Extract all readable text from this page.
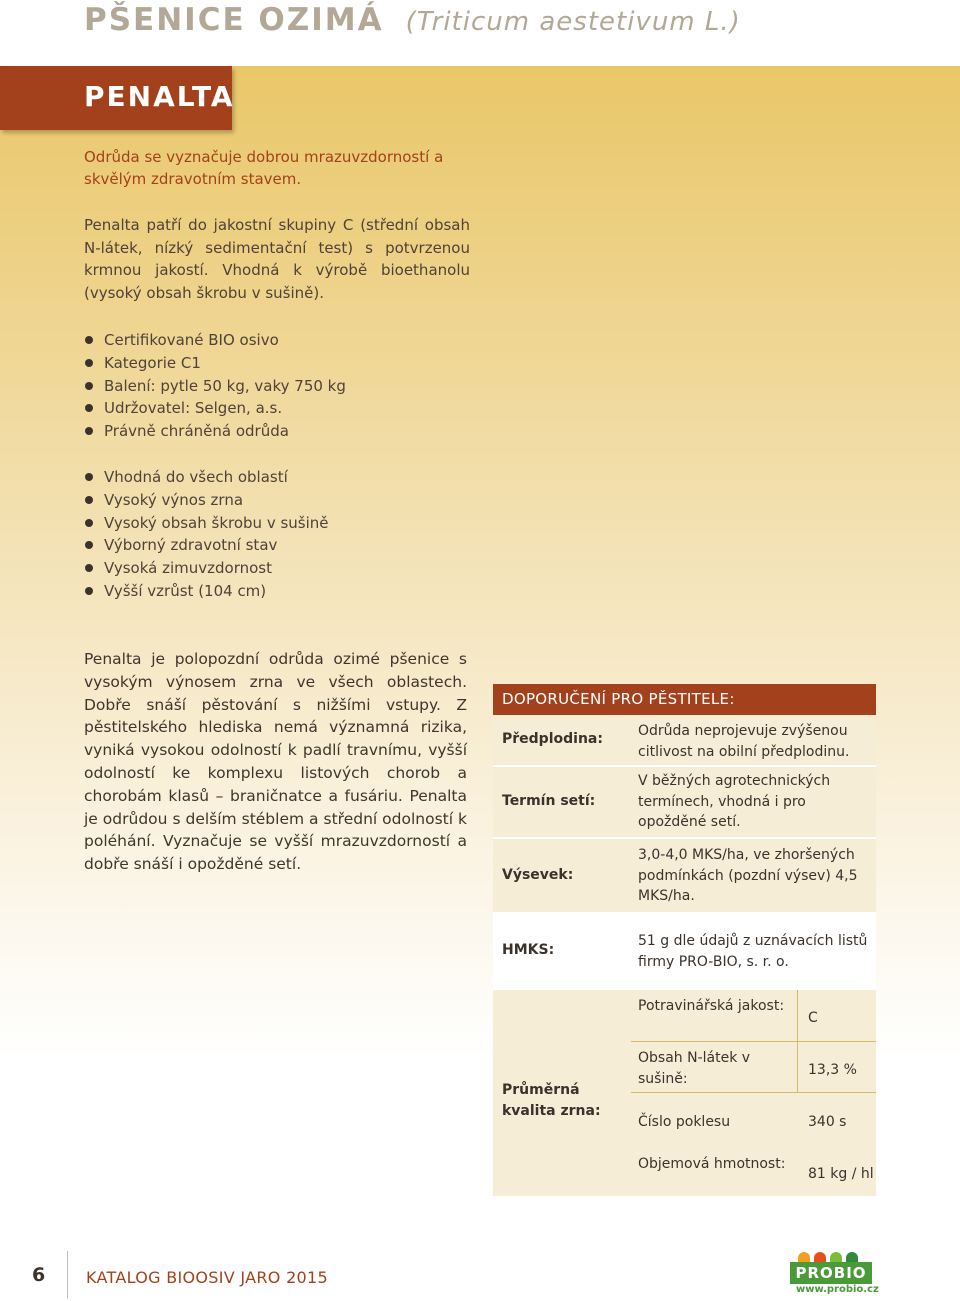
PŠENICE OZIMÁ (Triticum aestetivum L.)
PENALTA
Odrůda se vyznačuje dobrou mrazuvzdorností a skvělým zdravotním stavem.
Penalta patří do jakostní skupiny C (střední obsah N-látek, nízký sedimentační test) s potvrzenou krmnou jakostí. Vhodná k výrobě bioethanolu (vysoký obsah škrobu v sušině).
Certifikované BIO osivo
Kategorie C1
Balení: pytle 50 kg, vaky 750 kg
Udržovatel: Selgen, a.s.
Právně chráněná odrůda
Vhodná do všech oblastí
Vysoký výnos zrna
Vysoký obsah škrobu v sušině
Výborný zdravotní stav
Vysoká zimuvzdornost
Vyšší vzrůst (104 cm)
Penalta je polopozdní odrůda ozimé pšenice s vysokým výnosem zrna ve všech oblastech. Dobře snáší pěstování s nižšími vstupy. Z pěstitelského hlediska nemá významná rizika, vyniká vysokou odolností k padlí travnímu, vyšší odolností ke komplexu listových chorob a chorobám klasů – braničnatce a fusáriu. Penalta je odrůdou s delším stéblem a střední odolností k poléhání. Vyznačuje se vyšší mrazuvzdorností a dobře snáší i opožděné setí.
DOPORUČENÍ PRO PĚSTITELE:
Předplodina:	Odrůda neprojevuje zvýšenou citlivost na obilní předplodinu.
Termín setí:
V běžných agrotechnických termínech, vhodná i pro opožděné setí.
Výsevek:
3,0-4,0 MKS/ha, ve zhoršených podmínkách (pozdní výsev) 4,5 MKS/ha.
HMKS:
51 g dle údajů z uznávacích listů firmy PRO-BIO, s. r. o.
Průměrná kvalita zrna:
Potravinářská jakost:
C
Obsah N-látek v sušině:
13,3 %
Číslo poklesu	340 s
Objemová hmotnost:
81 kg / hl
6	KATALOG BIOOSIV JARO 2015	PROBIO
www.probio.cz
